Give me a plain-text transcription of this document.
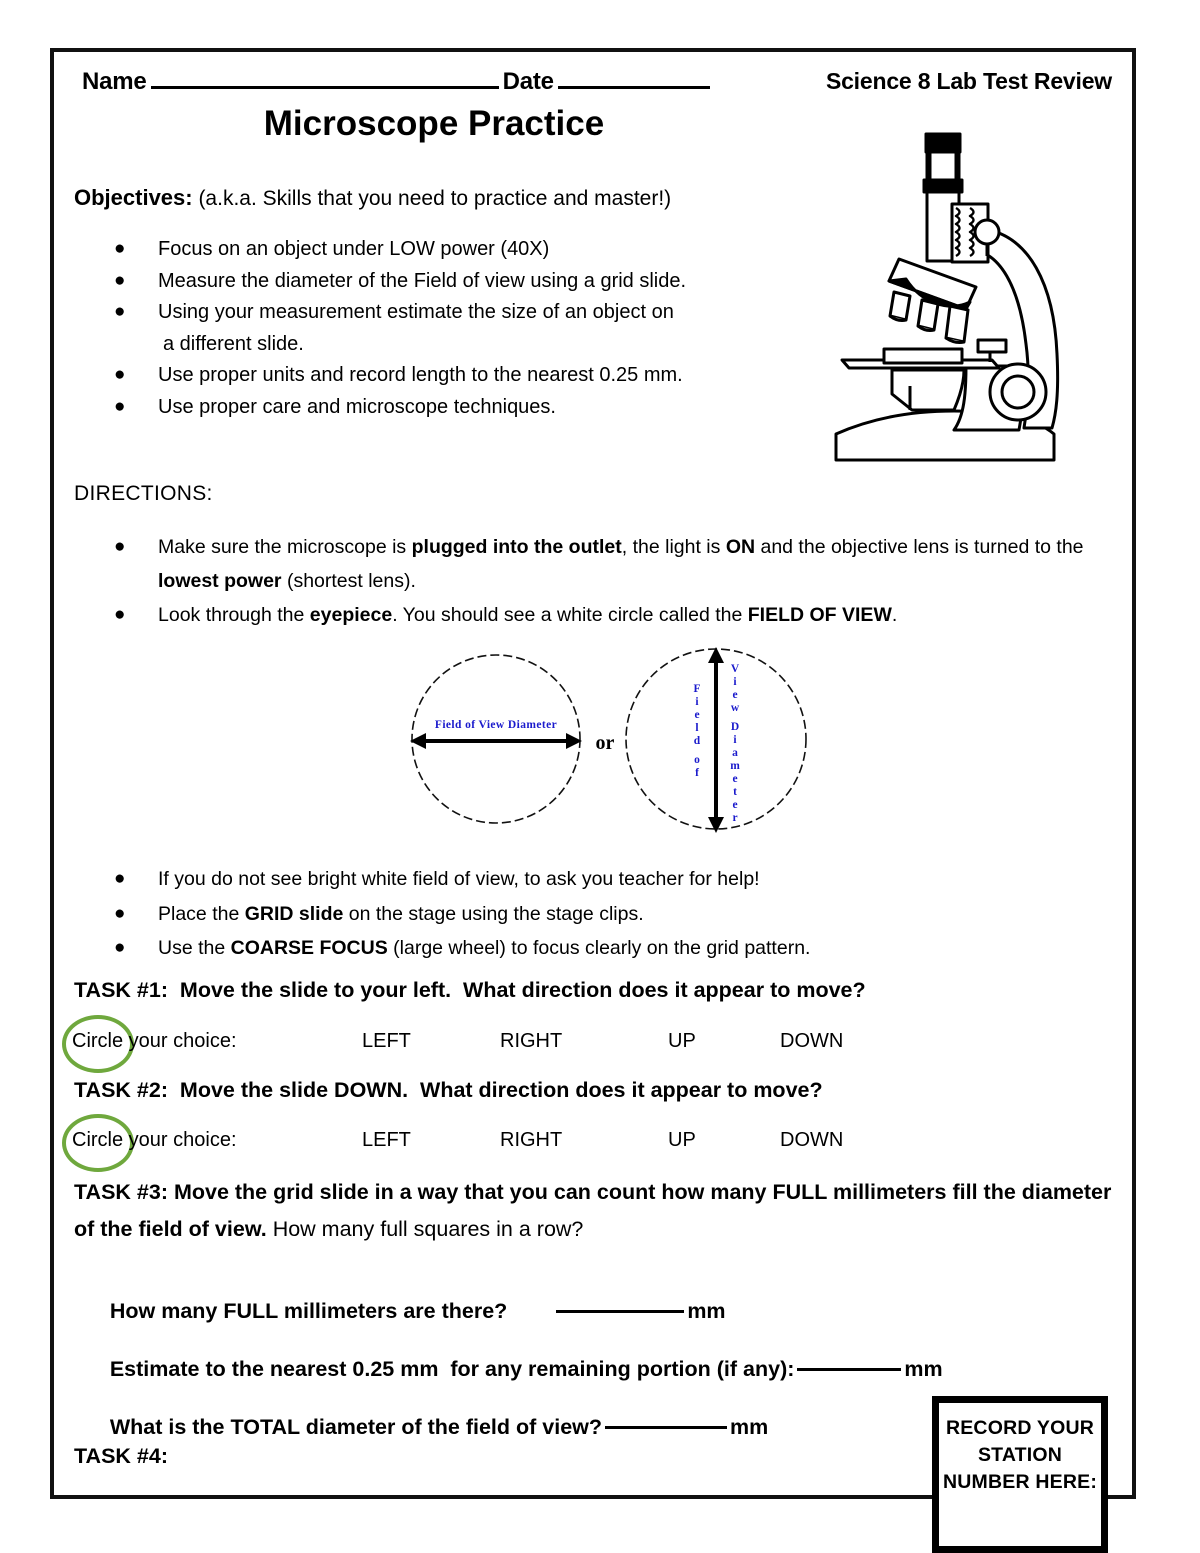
Name	Date	Science 8 Lab Test Review
Microscope Practice
Objectives: (a.k.a. Skills that you need to practice and master!)
● Focus on an object under LOW power (40X)
● Measure the diameter of the Field of view using a grid slide.
● Using your measurement estimate the size of an object on
a different slide.
● Use proper units and record length to the nearest 0.25 mm.
● Use proper care and microscope techniques.
DIRECTIONS:
● Make sure the microscope is plugged into the outlet, the light is ON and the objective lens is turned to the lowest power (shortest lens).
● Look through the eyepiece. You should see a white circle called the FIELD OF VIEW.
Field of View Diameter
or
F
i
e
l
d
o
f
V
i
e
w
D
i
a
m
e
t
e
r
● If you do not see bright white field of view, to ask you teacher for help!
● Place the GRID slide on the stage using the stage clips.
● Use the COARSE FOCUS (large wheel) to focus clearly on the grid pattern.
TASK #1:  Move the slide to your left.  What direction does it appear to move?
Circle your choice:	LEFT	RIGHT	UP	DOWN
TASK #2:  Move the slide DOWN.  What direction does it appear to move?
Circle your choice:	LEFT	RIGHT	UP	DOWN
TASK #3: Move the grid slide in a way that you can count how many FULL millimeters fill the diameter of the field of view. How many full squares in a row?

How many FULL millimeters are there?	mm

Estimate to the nearest 0.25 mm  for any remaining portion (if any):	mm

What is the TOTAL diameter of the field of view?	mm

TASK #4:
RECORD YOUR
STATION
NUMBER HERE:
